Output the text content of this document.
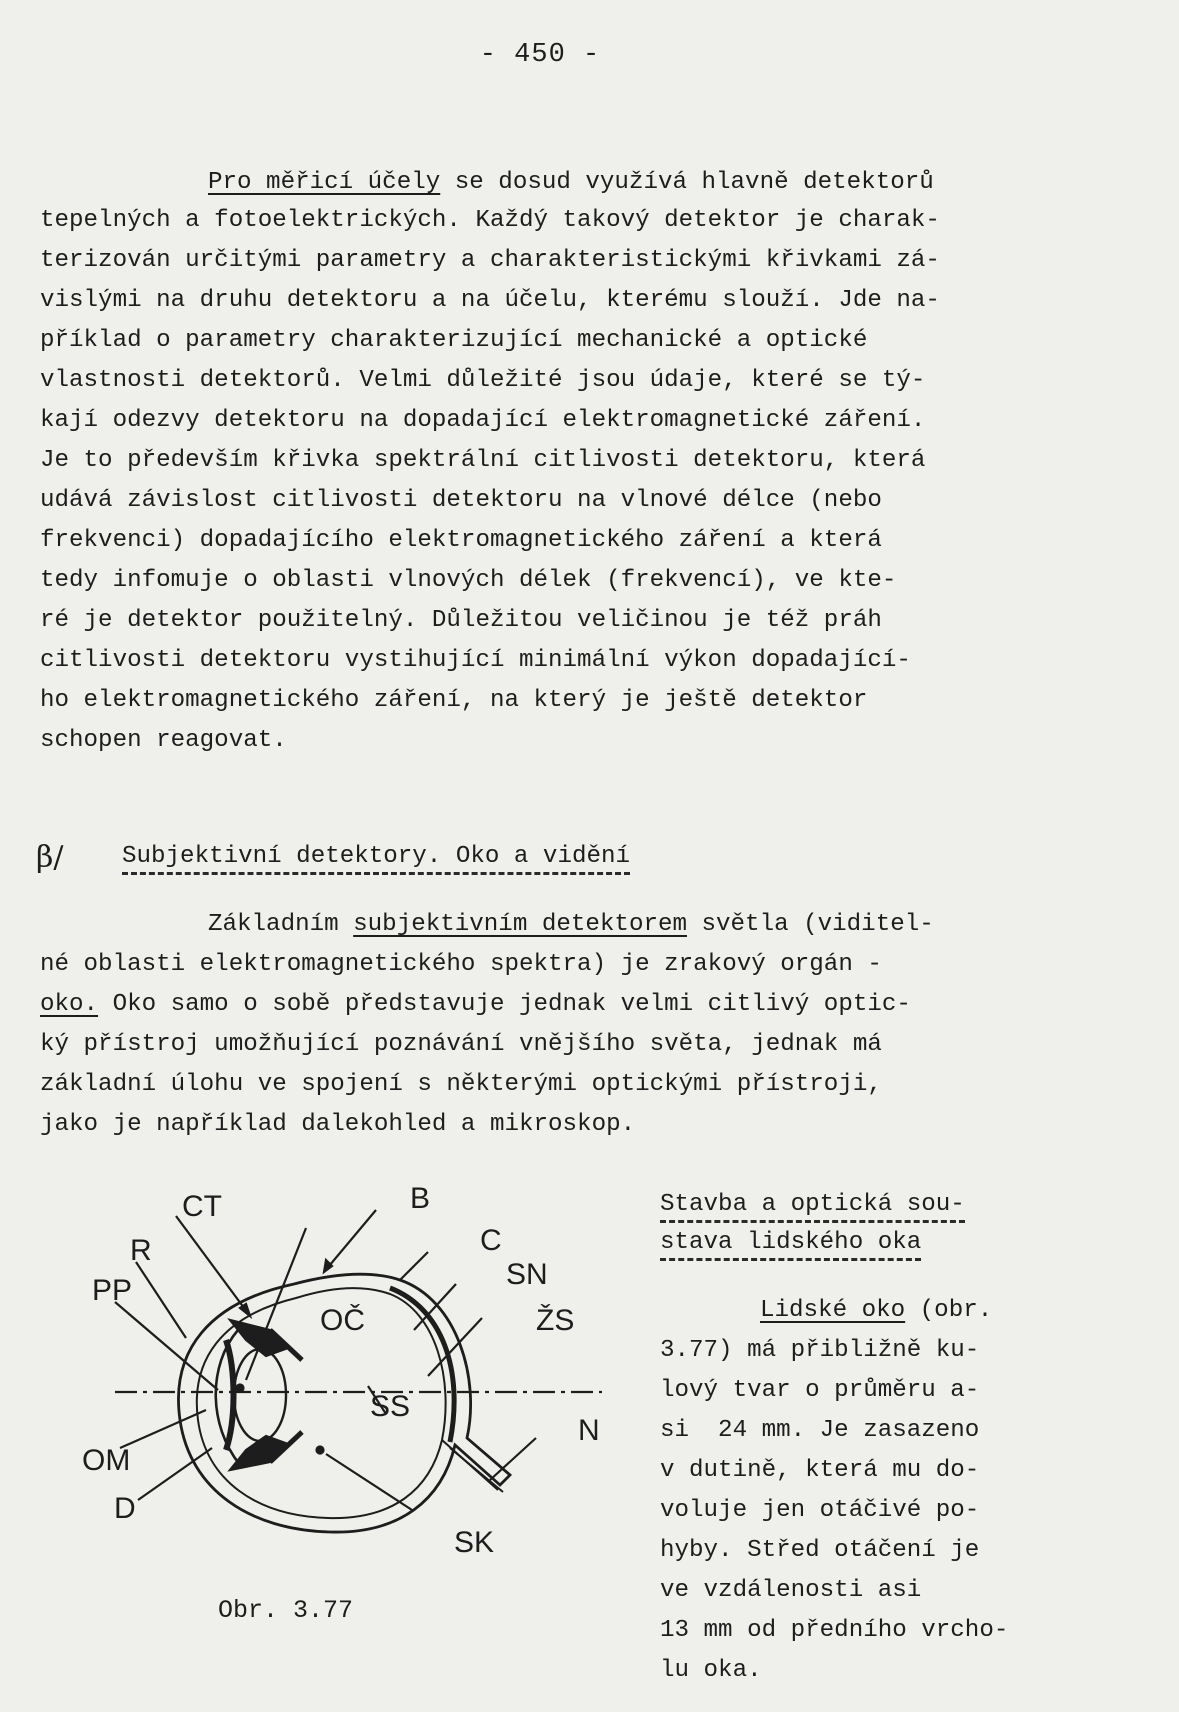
- 450 -
Pro měřicí účely se dosud využívá hlavně detektorů
tepelných a fotoelektrických. Každý takový detektor je charak-
terizován určitými parametry a charakteristickými křivkami zá-
vislými na druhu detektoru a na účelu, kterému slouží. Jde na-
příklad o parametry charakterizující mechanické a optické
vlastnosti detektorů. Velmi důležité jsou údaje, které se tý-
kají odezvy detektoru na dopadající elektromagnetické záření.
Je to především křivka spektrální citlivosti detektoru, která
udává závislost citlivosti detektoru na vlnové délce (nebo
frekvenci) dopadajícího elektromagnetického záření a která
tedy infomuje o oblasti vlnových délek (frekvencí), ve kte-
ré je detektor použitelný. Důležitou veličinou je též práh
citlivosti detektoru vystihující minimální výkon dopadající-
ho elektromagnetického záření, na který je ještě detektor
schopen reagovat.
β/ Subjektivní detektory. Oko a vidění
Základním subjektivním detektorem světla (viditel-
né oblasti elektromagnetického spektra) je zrakový orgán -
oko. Oko samo o sobě představuje jednak velmi citlivý optic-
ký přístroj umožňující poznávání vnějšího světa, jednak má
základní úlohu ve spojení s některými optickými přístroji,
jako je například dalekohled a mikroskop.
CT	B
R	C
PP	SN
OČ	ŽS
SS
OM
N
D
SK
Obr. 3.77
Stavba a optická sou-
stava lidského oka
Lidské oko (obr.
3.77) má přibližně ku-
lový tvar o průměru a-
si  24 mm. Je zasazeno
v dutině, která mu do-
voluje jen otáčivé po-
hyby. Střed otáčení je
ve vzdálenosti asi
13 mm od předního vrcho-
lu oka.
